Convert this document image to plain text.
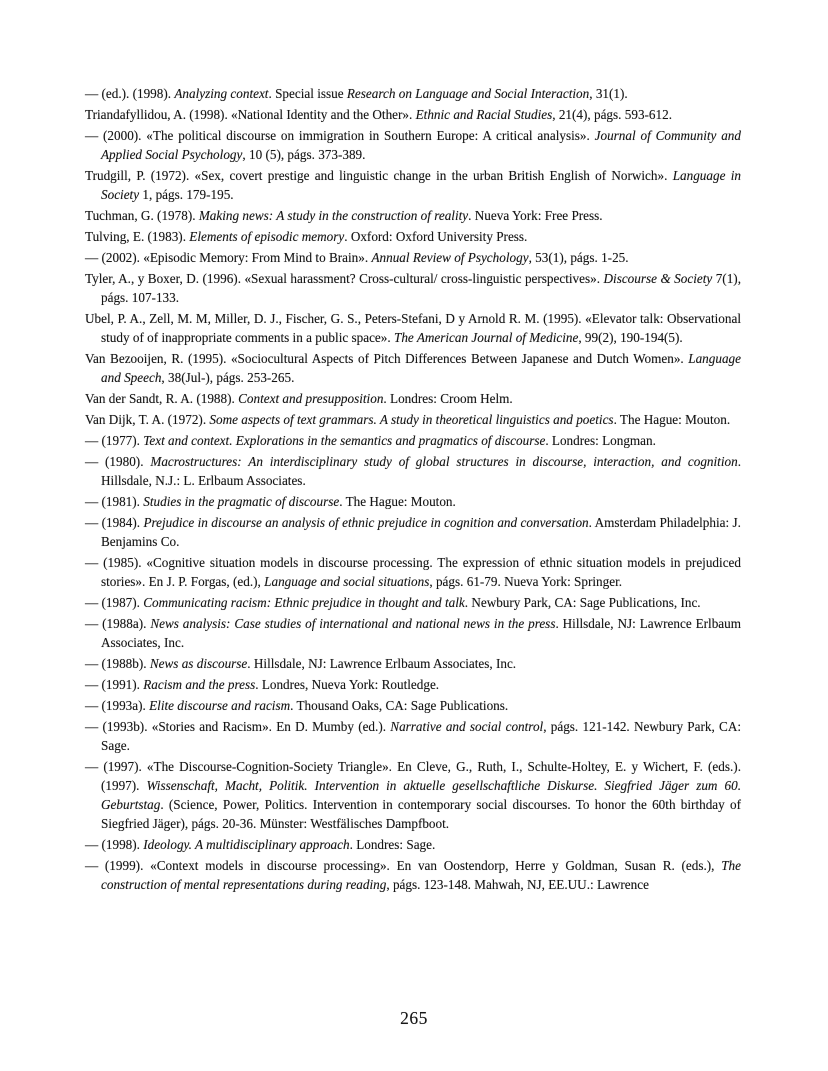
— (ed.). (1998). Analyzing context. Special issue Research on Language and Social Interaction, 31(1).

Triandafyllidou, A. (1998). «National Identity and the Other». Ethnic and Racial Studies, 21(4), págs. 593-612.

— (2000). «The political discourse on immigration in Southern Europe: A critical analysis». Journal of Community and Applied Social Psychology, 10 (5), págs. 373-389.

Trudgill, P. (1972). «Sex, covert prestige and linguistic change in the urban British English of Norwich». Language in Society 1, págs. 179-195.

Tuchman, G. (1978). Making news: A study in the construction of reality. Nueva York: Free Press.

Tulving, E. (1983). Elements of episodic memory. Oxford: Oxford University Press.

— (2002). «Episodic Memory: From Mind to Brain». Annual Review of Psychology, 53(1), págs. 1-25.

Tyler, A., y Boxer, D. (1996). «Sexual harassment? Cross-cultural/ cross-linguistic perspectives». Discourse & Society 7(1), págs. 107-133.

Ubel, P. A., Zell, M. M, Miller, D. J., Fischer, G. S., Peters-Stefani, D y Arnold R. M. (1995). «Elevator talk: Observational study of of inappropriate comments in a public space». The American Journal of Medicine, 99(2), 190-194(5).

Van Bezooijen, R. (1995). «Sociocultural Aspects of Pitch Differences Between Japanese and Dutch Women». Language and Speech, 38(Jul-), págs. 253-265.

Van der Sandt, R. A. (1988). Context and presupposition. Londres: Croom Helm.

Van Dijk, T. A. (1972). Some aspects of text grammars. A study in theoretical linguistics and poetics. The Hague: Mouton.

— (1977). Text and context. Explorations in the semantics and pragmatics of discourse. Londres: Longman.

— (1980). Macrostructures: An interdisciplinary study of global structures in discourse, interaction, and cognition. Hillsdale, N.J.: L. Erlbaum Associates.

— (1981). Studies in the pragmatic of discourse. The Hague: Mouton.

— (1984). Prejudice in discourse an analysis of ethnic prejudice in cognition and conversation. Amsterdam Philadelphia: J. Benjamins Co.

— (1985). «Cognitive situation models in discourse processing. The expression of ethnic situation models in prejudiced stories». En J. P. Forgas, (ed.), Language and social situations, págs. 61-79. Nueva York: Springer.

— (1987). Communicating racism: Ethnic prejudice in thought and talk. Newbury Park, CA: Sage Publications, Inc.

— (1988a). News analysis: Case studies of international and national news in the press. Hillsdale, NJ: Lawrence Erlbaum Associates, Inc.

— (1988b). News as discourse. Hillsdale, NJ: Lawrence Erlbaum Associates, Inc.

— (1991). Racism and the press. Londres, Nueva York: Routledge.

— (1993a). Elite discourse and racism. Thousand Oaks, CA: Sage Publications.

— (1993b). «Stories and Racism». En D. Mumby (ed.). Narrative and social control, págs. 121-142. Newbury Park, CA: Sage.

— (1997). «The Discourse-Cognition-Society Triangle». En Cleve, G., Ruth, I., Schulte-Holtey, E. y Wichert, F. (eds.). (1997). Wissenschaft, Macht, Politik. Intervention in aktuelle gesellschaftliche Diskurse. Siegfried Jäger zum 60. Geburtstag. (Science, Power, Politics. Intervention in contemporary social discourses. To honor the 60th birthday of Siegfried Jäger), págs. 20-36. Münster: Westfälisches Dampfboot.

— (1998). Ideology. A multidisciplinary approach. Londres: Sage.

— (1999). «Context models in discourse processing». En van Oostendorp, Herre y Goldman, Susan R. (eds.), The construction of mental representations during reading, págs. 123-148. Mahwah, NJ, EE.UU.: Lawrence

265
